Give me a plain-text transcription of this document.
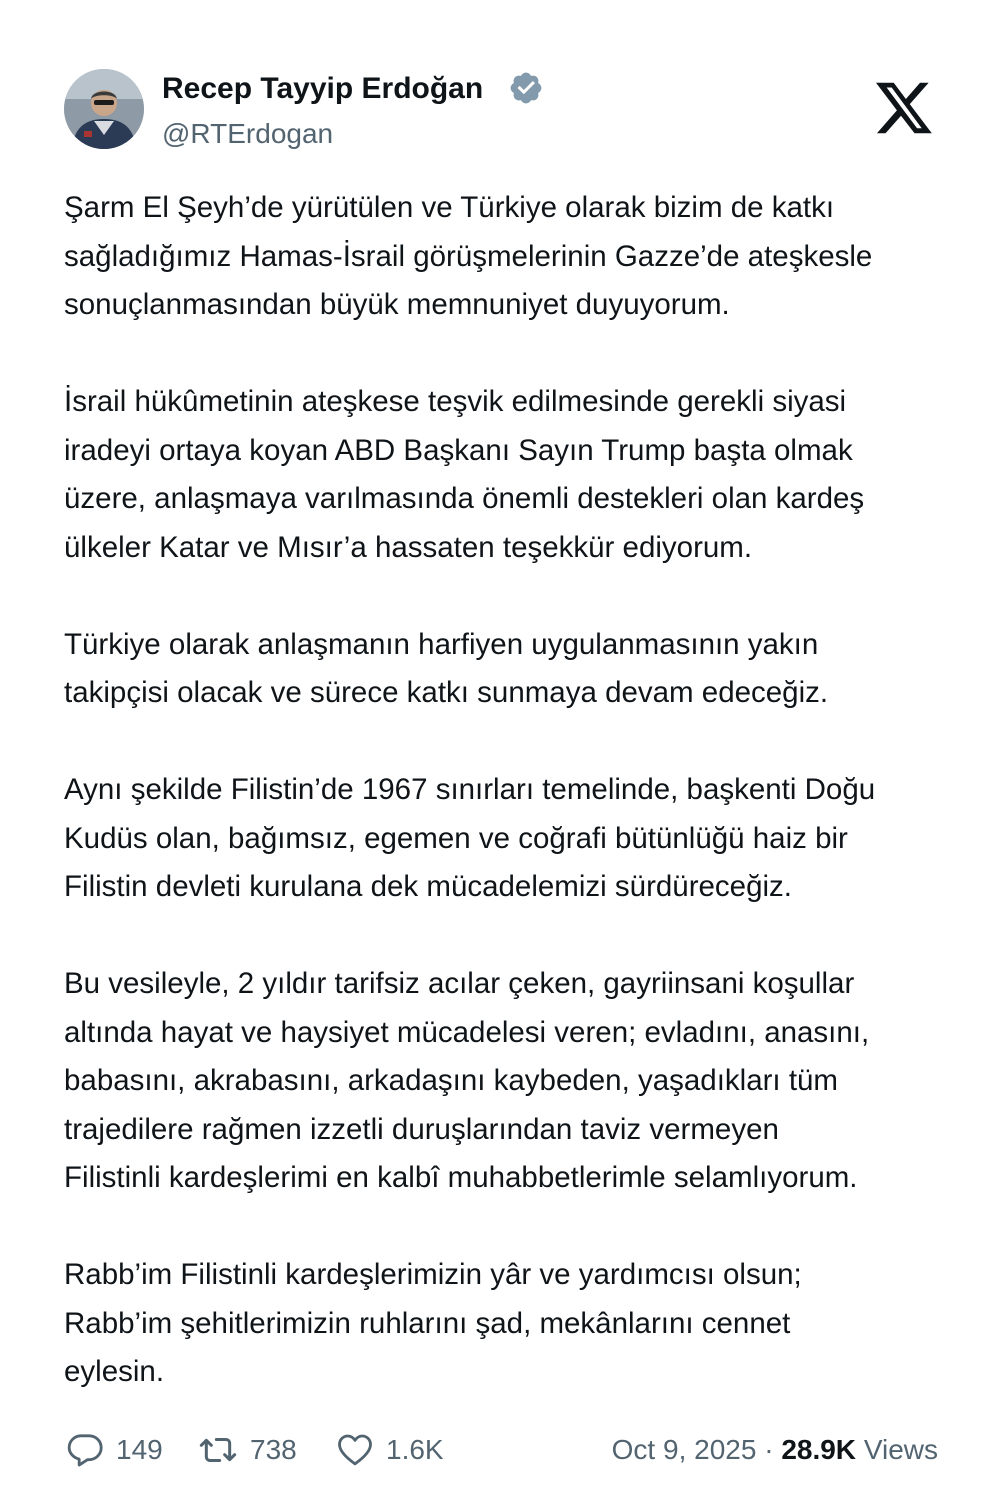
Recep Tayyip Erdoğan
@RTErdogan

Şarm El Şeyh’de yürütülen ve Türkiye olarak bizim de katkı
sağladığımız Hamas-İsrail görüşmelerinin Gazze’de ateşkesle
sonuçlanmasından büyük memnuniyet duyuyorum.

İsrail hükûmetinin ateşkese teşvik edilmesinde gerekli siyasi
iradeyi ortaya koyan ABD Başkanı Sayın Trump başta olmak
üzere, anlaşmaya varılmasında önemli destekleri olan kardeş
ülkeler Katar ve Mısır’a hassaten teşekkür ediyorum.

Türkiye olarak anlaşmanın harfiyen uygulanmasının yakın
takipçisi olacak ve sürece katkı sunmaya devam edeceğiz.

Aynı şekilde Filistin’de 1967 sınırları temelinde, başkenti Doğu
Kudüs olan, bağımsız, egemen ve coğrafi bütünlüğü haiz bir
Filistin devleti kurulana dek mücadelemizi sürdüreceğiz.

Bu vesileyle, 2 yıldır tarifsiz acılar çeken, gayriinsani koşullar
altında hayat ve haysiyet mücadelesi veren; evladını, anasını,
babasını, akrabasını, arkadaşını kaybeden, yaşadıkları tüm
trajedilere rağmen izzetli duruşlarından taviz vermeyen
Filistinli kardeşlerimi en kalbî muhabbetlerimle selamlıyorum.

Rabb’im Filistinli kardeşlerimizin yâr ve yardımcısı olsun;
Rabb’im şehitlerimizin ruhlarını şad, mekânlarını cennet
eylesin.

149	738	1.6K	Oct 9, 2025 · 28.9K Views
